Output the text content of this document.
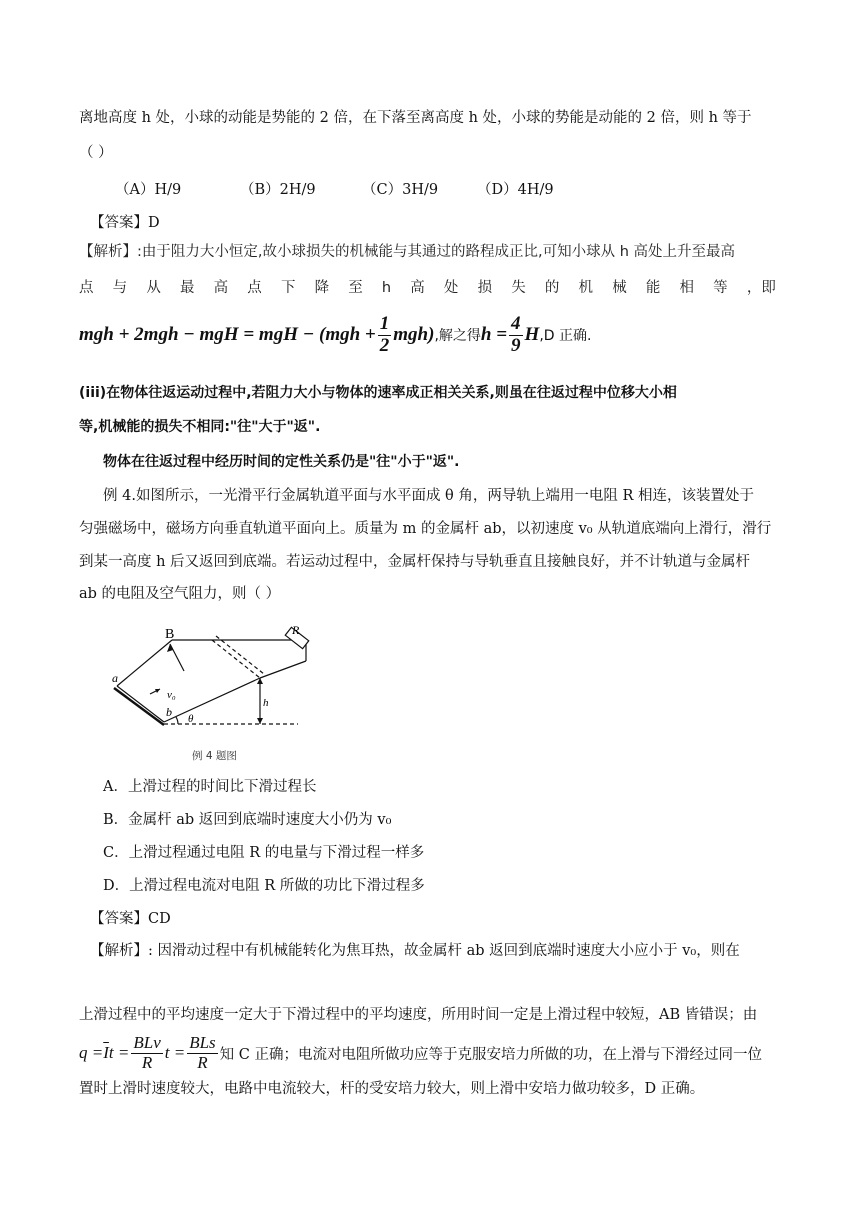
离地高度 h 处，小球的动能是势能的 2 倍，在下落至离高度 h 处，小球的势能是动能的 2 倍，则 h 等于
（ ）
（A）H/9	（B）2H/9	（C）3H/9	（D）4H/9
【答案】D
【解析】:由于阻力大小恒定,故小球损失的机械能与其通过的路程成正比,可知小球从 h 高处上升至最高
点 与 从 最 高 点 下 降 至 h 高 处 损 失 的 机 械 能 相 等 ，即
mgh + 2mgh − mgH = mgH − $(mgh + \frac{1}{2} mgh)$ ,解之得 $h = \frac{4}{9}$ H ,D 正确.
(iii)在物体往返运动过程中,若阻力大小与物体的速率成正相关关系,则虽在往返过程中位移大小相
等,机械能的损失不相同:"往"大于"返".
物体在往返过程中经历时间的定性关系仍是"往"小于"返".
例 4.如图所示，一光滑平行金属轨道平面与水平面成 θ 角，两导轨上端用一电阻 R 相连，该装置处于
匀强磁场中，磁场方向垂直轨道平面向上。质量为 m 的金属杆 ab，以初速度 v₀ 从轨道底端向上滑行，滑行
到某一高度 h 后又返回到底端。若运动过程中，金属杆保持与导轨垂直且接触良好，并不计轨道与金属杆
ab 的电阻及空气阻力，则（ ）
B	R
a
b
v₀
h
θ
例 4 题图
A．上滑过程的时间比下滑过程长
B．金属杆 ab 返回到底端时速度大小仍为 v₀
C．上滑过程通过电阻 R 的电量与下滑过程一样多
D．上滑过程电流对电阻 R 所做的功比下滑过程多
【答案】CD
【解析】: 因滑动过程中有机械能转化为焦耳热，故金属杆 ab 返回到底端时速度大小应小于 v₀，则在
上滑过程中的平均速度一定大于下滑过程中的平均速度，所用时间一定是上滑过程中较短，AB 皆错误；由
$q = \overline{I}$ $t = \frac{\text{BLv}}{R}$ $t = \frac{\text{BLs}}{R}$ 知 C 正确；电流对电阻所做功应等于克服安培力所做的功，在上滑与下滑经过同一位
置时上滑时速度较大，电路中电流较大，杆的受安培力较大，则上滑中安培力做功较多，D 正确。
